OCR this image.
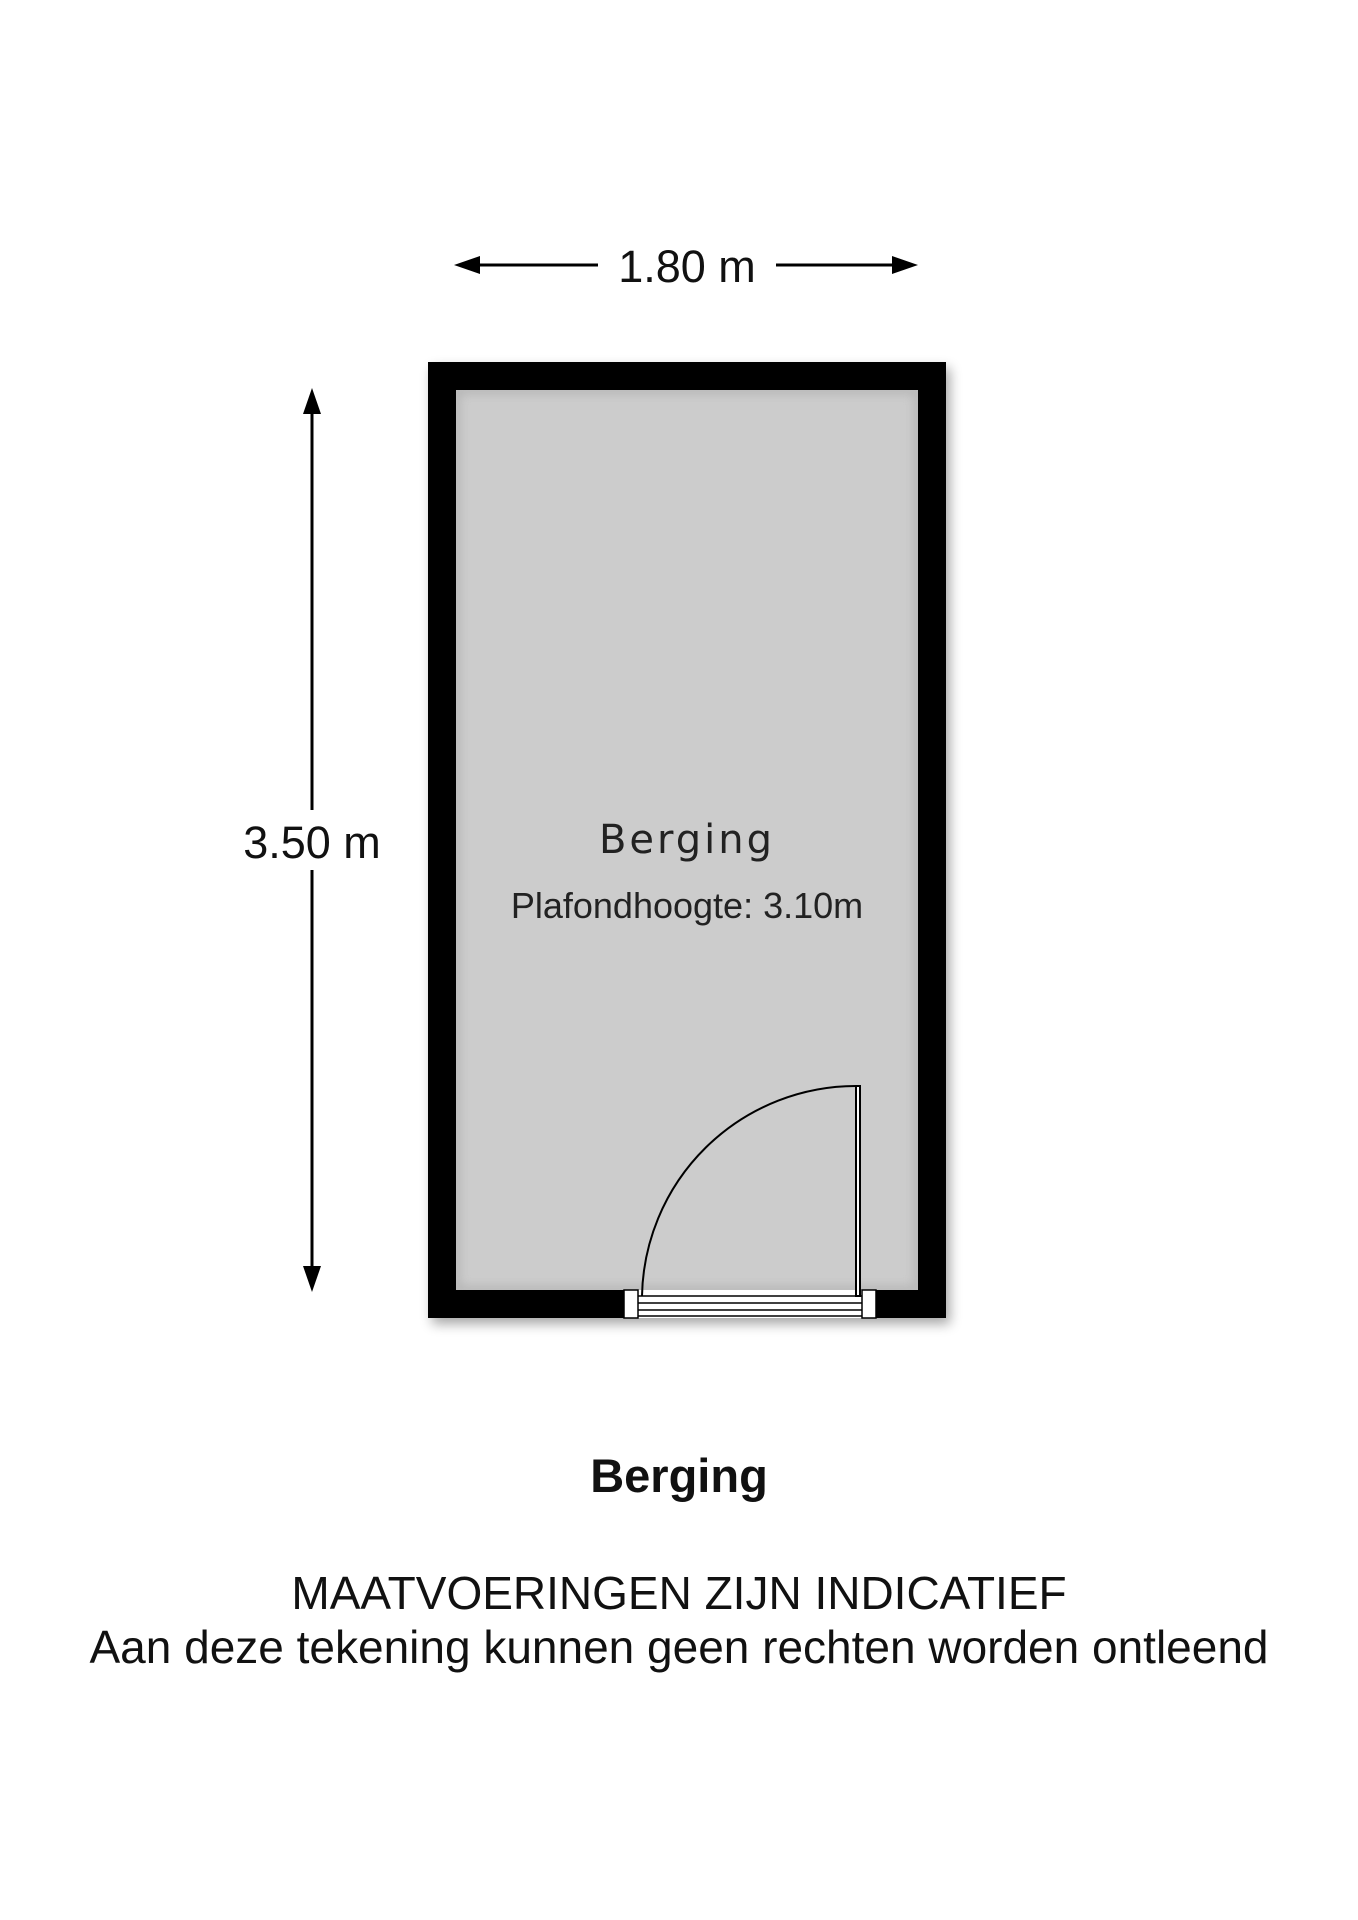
1.80 m
3.50 m	Berging
Plafondhoogte: 3.10m
Berging

MAATVOERINGEN ZIJN INDICATIEF

Aan deze tekening kunnen geen rechten worden ontleend
